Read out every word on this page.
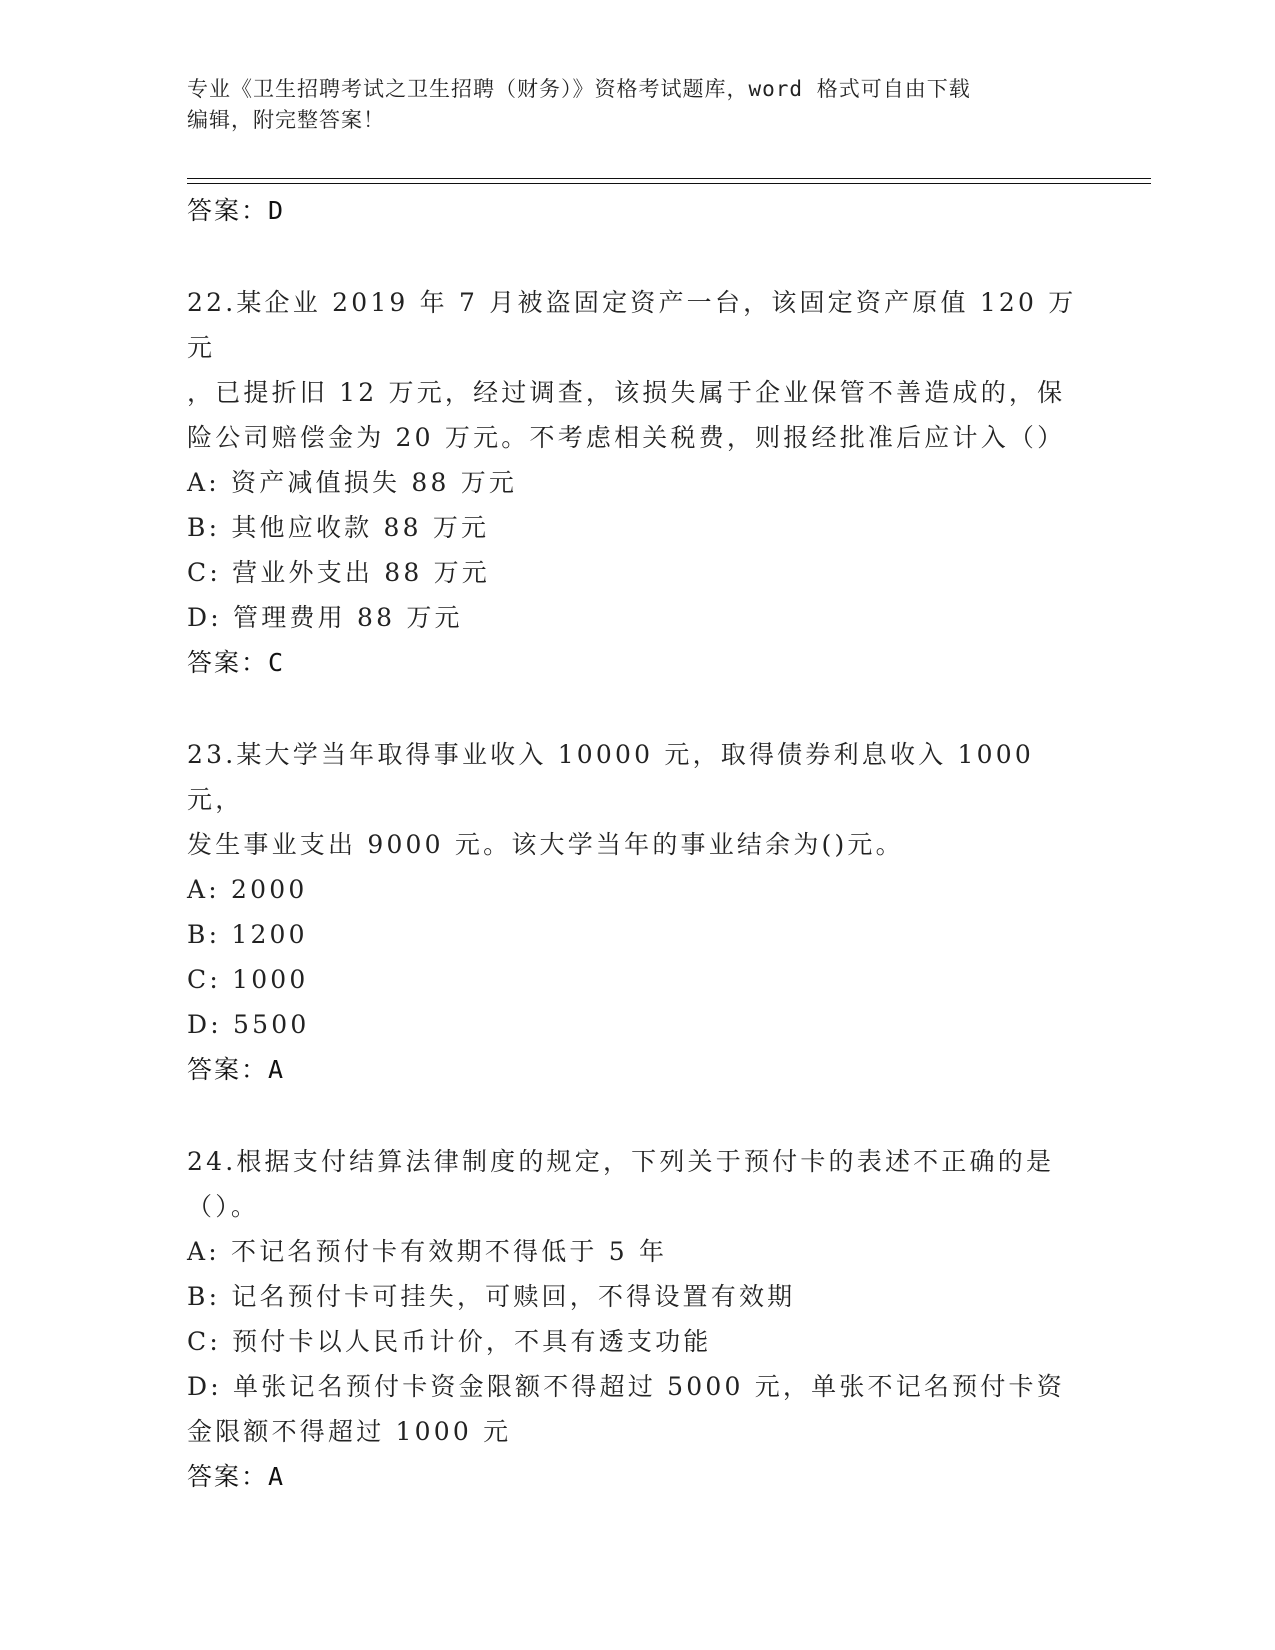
专业《卫生招聘考试之卫生招聘（财务）》资格考试题库，word 格式可自由下载
编辑，附完整答案！
答案：D
22.某企业 2019 年 7 月被盗固定资产一台，该固定资产原值 120 万元
，已提折旧 12 万元，经过调查，该损失属于企业保管不善造成的，保
险公司赔偿金为 20 万元。不考虑相关税费，则报经批准后应计入（）
A: 资产减值损失 88 万元
B: 其他应收款 88 万元
C: 营业外支出 88 万元
D: 管理费用 88 万元
答案：C
23.某大学当年取得事业收入 10000 元，取得债券利息收入 1000 元，
发生事业支出 9000 元。该大学当年的事业结余为()元。
A: 2000
B: 1200
C: 1000
D: 5500
答案：A
24.根据支付结算法律制度的规定，下列关于预付卡的表述不正确的是
（）。
A: 不记名预付卡有效期不得低于 5 年
B: 记名预付卡可挂失，可赎回，不得设置有效期
C: 预付卡以人民币计价，不具有透支功能
D: 单张记名预付卡资金限额不得超过 5000 元，单张不记名预付卡资
金限额不得超过 1000 元
答案：A
